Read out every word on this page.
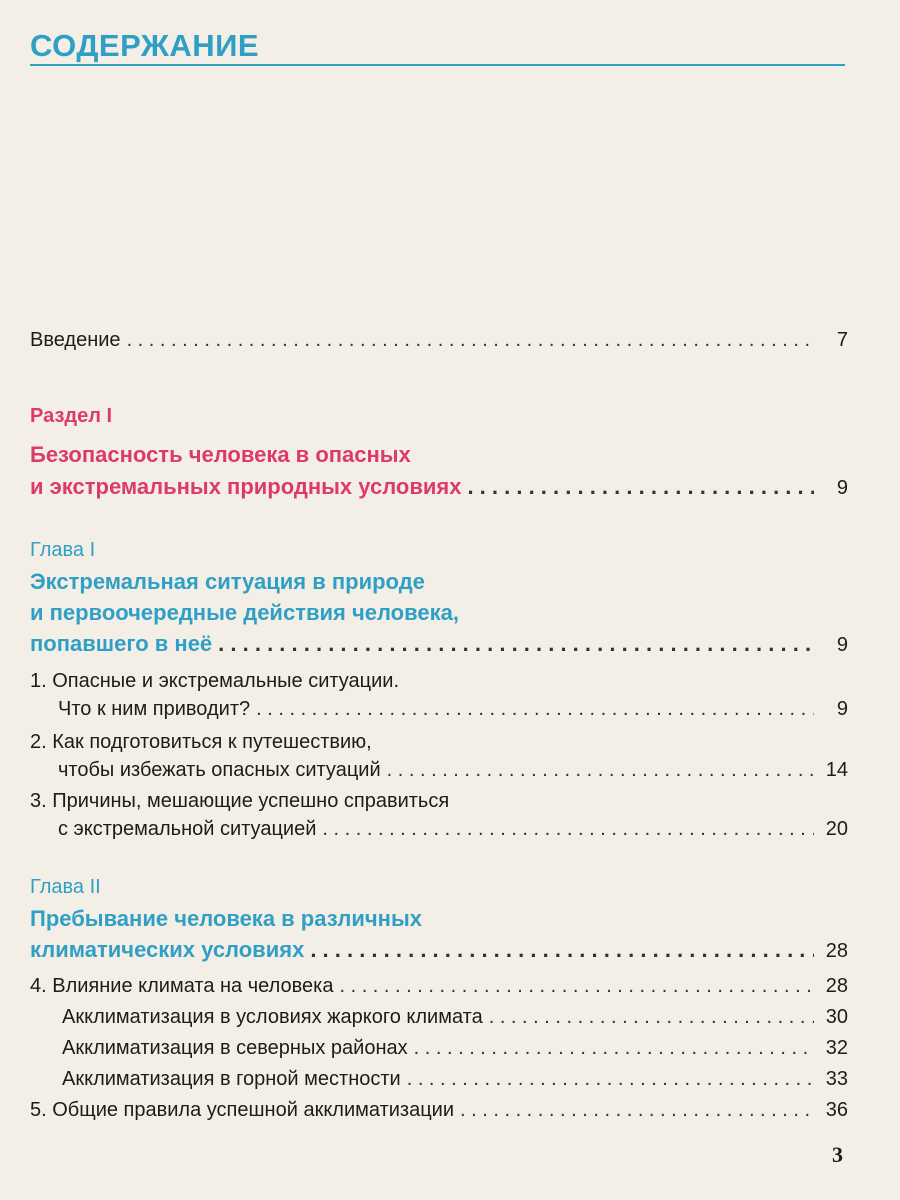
СОДЕРЖАНИЕ
Введение . . .	7
Раздел I
Безопасность человека в опасных
и экстремальных природных условиях . . .	9
Глава I
Экстремальная ситуация в природе
и первоочередные действия человека,
попавшего в неё . . .	9
1. Опасные и экстремальные ситуации.
Что к ним приводит? . . .	9
2. Как подготовиться к путешествию,
чтобы избежать опасных ситуаций . . .	14
3. Причины, мешающие успешно справиться
с экстремальной ситуацией . . .	20
Глава II
Пребывание человека в различных
климатических условиях . . .	28
4. Влияние климата на человека . . .	28
Акклиматизация в условиях жаркого климата . . .	30
Акклиматизация в северных районах . . .	32
Акклиматизация в горной местности . . .	33
5. Общие правила успешной акклиматизации . . .	36
3
